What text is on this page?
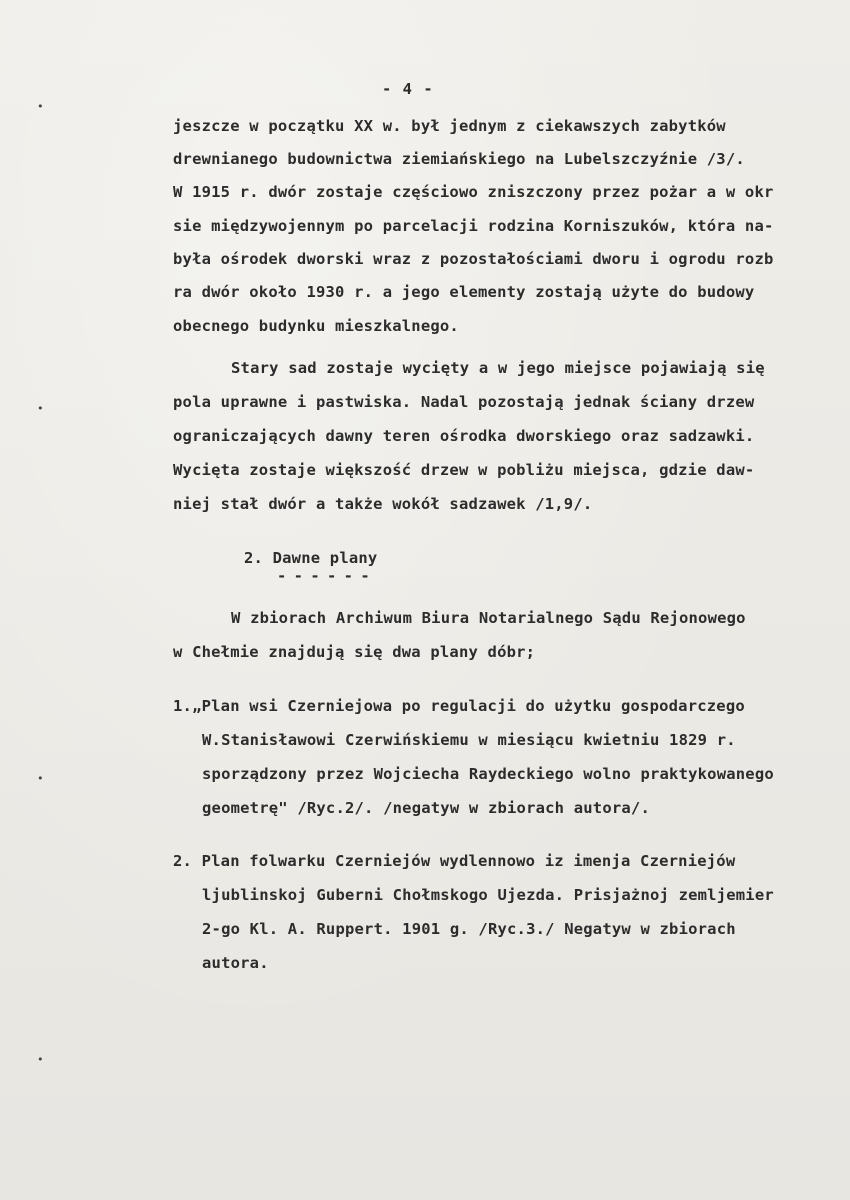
- 4 -
jeszcze w początku XX w. był jednym z ciekawszych zabytków
drewnianego budownictwa ziemiańskiego na Lubelszczyźnie /3/.
W 1915 r. dwór zostaje częściowo zniszczony przez pożar a w okr
sie międzywojennym po parcelacji rodzina Korniszuków, która na-
była ośrodek dworski wraz z pozostałościami dworu i ogrodu rozb
ra dwór około 1930 r. a jego elementy zostają użyte do budowy
obecnego budynku mieszkalnego.
Stary sad zostaje wycięty a w jego miejsce pojawiają się
pola uprawne i pastwiska. Nadal pozostają jednak ściany drzew
ograniczających dawny teren ośrodka dworskiego oraz sadzawki.
Wycięta zostaje większość drzew w pobliżu miejsca, gdzie daw-
niej stał dwór a także wokół sadzawek /1,9/.
2. Dawne plany
- - - - - -
W zbiorach Archiwum Biura Notarialnego Sądu Rejonowego
w Chełmie znajdują się dwa plany dóbr;
1.„Plan wsi Czerniejowa po regulacji do użytku gospodarczego
W.Stanisławowi Czerwińskiemu w miesiącu kwietniu 1829 r.
sporządzony przez Wojciecha Raydeckiego wolno praktykowanego
geometrę" /Ryc.2/. /negatyw w zbiorach autora/.
2. Plan folwarku Czerniejów wydlennowo iz imenja Czerniejów
ljublinskoj Guberni Chołmskogo Ujezda. Prisjażnoj zemljemier
2-go Kl. A. Ruppert. 1901 g. /Ryc.3./ Negatyw w zbiorach
autora.
•
•
•
•
